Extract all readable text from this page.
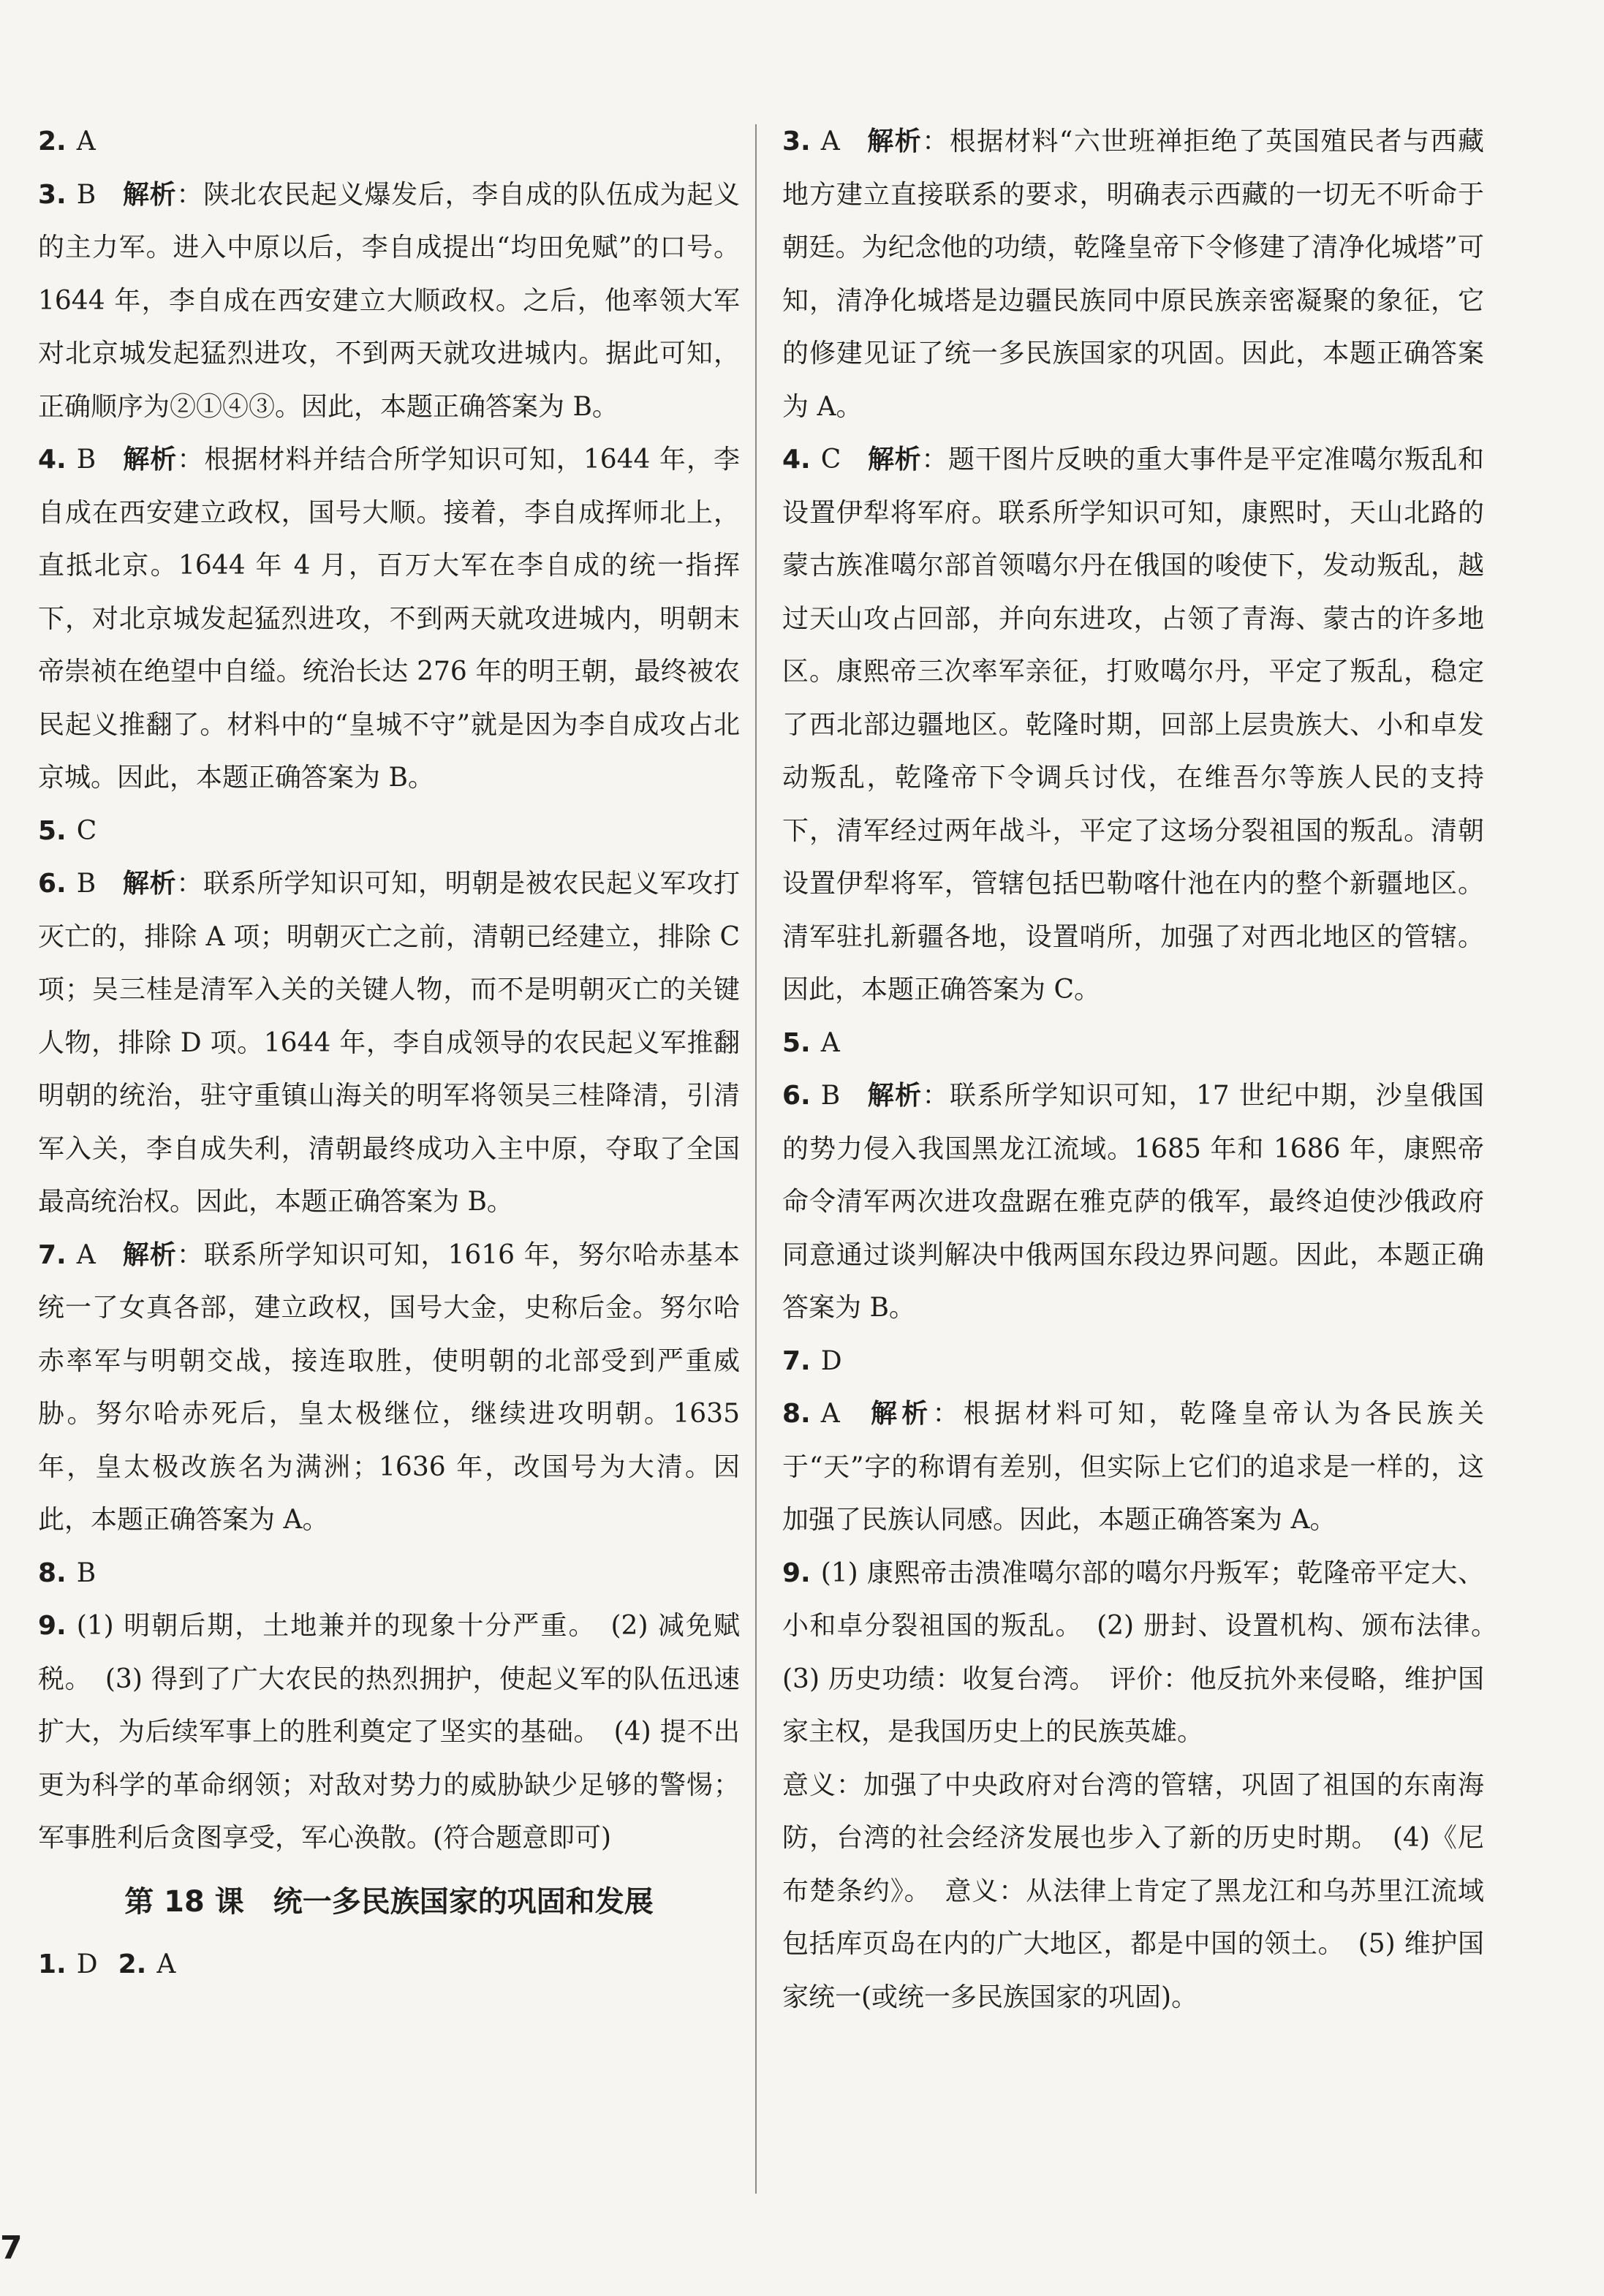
2. A

3. B 解析：陕北农民起义爆发后，李自成的队伍成为起义的主力军。进入中原以后，李自成提出“均田免赋”的口号。1644 年，李自成在西安建立大顺政权。之后，他率领大军对北京城发起猛烈进攻，不到两天就攻进城内。据此可知，正确顺序为②①④③。因此，本题正确答案为 B。

4. B 解析：根据材料并结合所学知识可知，1644 年，李自成在西安建立政权，国号大顺。接着，李自成挥师北上，直抵北京。1644 年 4 月，百万大军在李自成的统一指挥下，对北京城发起猛烈进攻，不到两天就攻进城内，明朝末帝崇祯在绝望中自缢。统治长达 276 年的明王朝，最终被农民起义推翻了。材料中的“皇城不守”就是因为李自成攻占北京城。因此，本题正确答案为 B。

5. C

6. B 解析：联系所学知识可知，明朝是被农民起义军攻打灭亡的，排除 A 项；明朝灭亡之前，清朝已经建立，排除 C 项；吴三桂是清军入关的关键人物，而不是明朝灭亡的关键人物，排除 D 项。1644 年，李自成领导的农民起义军推翻明朝的统治，驻守重镇山海关的明军将领吴三桂降清，引清军入关，李自成失利，清朝最终成功入主中原，夺取了全国最高统治权。因此，本题正确答案为 B。

7. A 解析：联系所学知识可知，1616 年，努尔哈赤基本统一了女真各部，建立政权，国号大金，史称后金。努尔哈赤率军与明朝交战，接连取胜，使明朝的北部受到严重威胁。努尔哈赤死后，皇太极继位，继续进攻明朝。1635 年，皇太极改族名为满洲；1636 年，改国号为大清。因此，本题正确答案为 A。

8. B

9. (1) 明朝后期，土地兼并的现象十分严重。　(2) 减免赋税。　(3) 得到了广大农民的热烈拥护，使起义军的队伍迅速扩大，为后续军事上的胜利奠定了坚实的基础。　(4) 提不出更为科学的革命纲领；对敌对势力的威胁缺少足够的警惕；军事胜利后贪图享受，军心涣散。(符合题意即可)

第 18 课　统一多民族国家的巩固和发展

1. D 2. A

3. A 解析：根据材料“六世班禅拒绝了英国殖民者与西藏地方建立直接联系的要求，明确表示西藏的一切无不听命于朝廷。为纪念他的功绩，乾隆皇帝下令修建了清净化城塔”可知，清净化城塔是边疆民族同中原民族亲密凝聚的象征，它的修建见证了统一多民族国家的巩固。因此，本题正确答案为 A。

4. C 解析：题干图片反映的重大事件是平定准噶尔叛乱和设置伊犁将军府。联系所学知识可知，康熙时，天山北路的蒙古族准噶尔部首领噶尔丹在俄国的唆使下，发动叛乱，越过天山攻占回部，并向东进攻，占领了青海、蒙古的许多地区。康熙帝三次率军亲征，打败噶尔丹，平定了叛乱，稳定了西北部边疆地区。乾隆时期，回部上层贵族大、小和卓发动叛乱，乾隆帝下令调兵讨伐，在维吾尔等族人民的支持下，清军经过两年战斗，平定了这场分裂祖国的叛乱。清朝设置伊犁将军，管辖包括巴勒喀什池在内的整个新疆地区。清军驻扎新疆各地，设置哨所，加强了对西北地区的管辖。因此，本题正确答案为 C。

5. A

6. B 解析：联系所学知识可知，17 世纪中期，沙皇俄国的势力侵入我国黑龙江流域。1685 年和 1686 年，康熙帝命令清军两次进攻盘踞在雅克萨的俄军，最终迫使沙俄政府同意通过谈判解决中俄两国东段边界问题。因此，本题正确答案为 B。

7. D

8. A 解析：根据材料可知，乾隆皇帝认为各民族关于“天”字的称谓有差别，但实际上它们的追求是一样的，这加强了民族认同感。因此，本题正确答案为 A。

9. (1) 康熙帝击溃准噶尔部的噶尔丹叛军；乾隆帝平定大、小和卓分裂祖国的叛乱。　(2) 册封、设置机构、颁布法律。　(3) 历史功绩：收复台湾。　评价：他反抗外来侵略，维护国家主权，是我国历史上的民族英雄。

意义：加强了中央政府对台湾的管辖，巩固了祖国的东南海防，台湾的社会经济发展也步入了新的历史时期。　(4)《尼布楚条约》。　意义：从法律上肯定了黑龙江和乌苏里江流域包括库页岛在内的广大地区，都是中国的领土。　(5) 维护国家统一(或统一多民族国家的巩固)。

7
